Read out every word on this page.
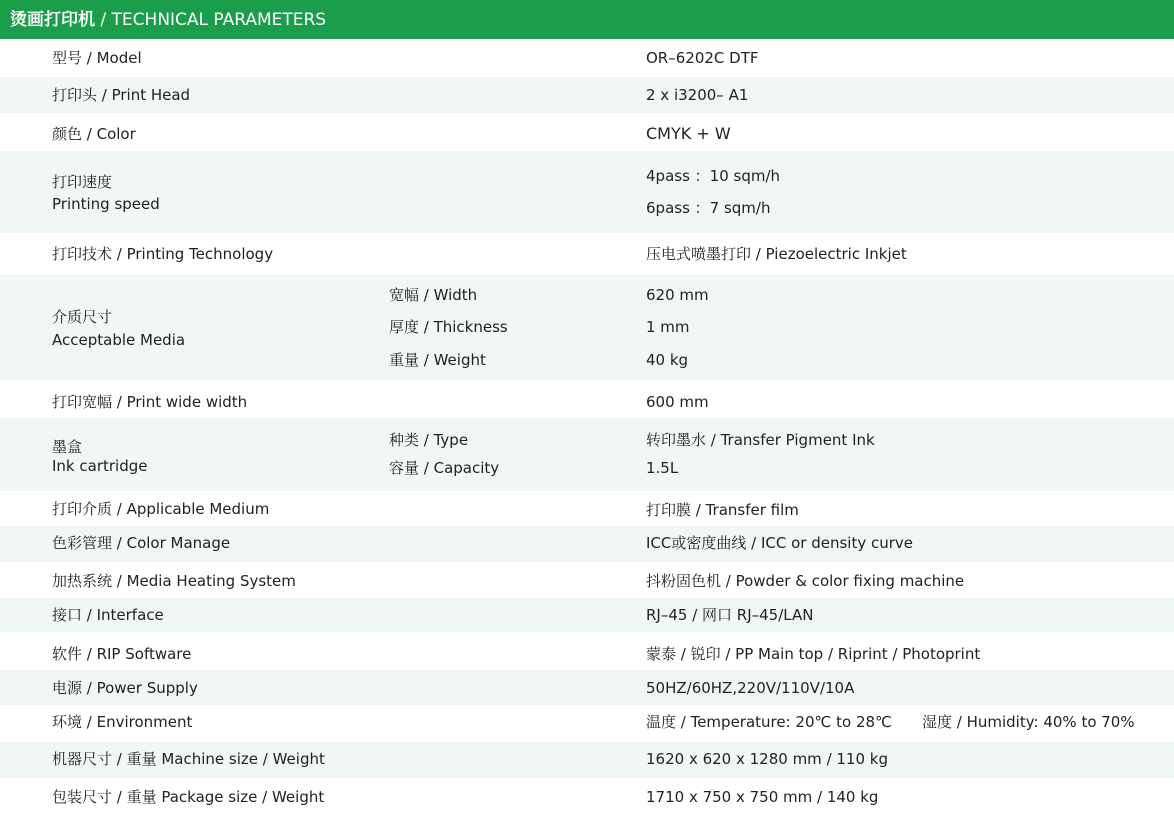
烫画打印机 / TECHNICAL PARAMETERS
型号 / Model	OR–6202C DTF
打印头 / Print Head	2 x i3200– A1
颜色 / Color	CMYK + W
打印速度
Printing speed
4pass ：10 sqm/h
6pass ：7 sqm/h
打印技术 / Printing Technology	压电式喷墨打印 / Piezoelectric Inkjet
介质尺寸
Acceptable Media
宽幅 / Width	620 mm
厚度 / Thickness	1 mm
重量 / Weight	40 kg
打印宽幅 / Print wide width	600 mm
墨盒
Ink cartridge
种类 / Type	转印墨水 / Transfer Pigment Ink
容量 / Capacity	1.5L
打印介质 / Applicable Medium	打印膜 / Transfer film
色彩管理 / Color Manage	ICC或密度曲线 / ICC or density curve
加热系统 / Media Heating System	抖粉固色机 / Powder & color fixing machine
接口 / Interface	RJ–45 / 网口 RJ–45/LAN
软件 / RIP Software	蒙泰 / 锐印 / PP Main top / Riprint / Photoprint
电源 / Power Supply	50HZ/60HZ,220V/110V/10A
环境 / Environment	温度 / Temperature: 20℃ to 28℃ 湿度 / Humidity: 40% to 70%
机器尺寸 / 重量 Machine size / Weight	1620 x 620 x 1280 mm / 110 kg
包装尺寸 / 重量 Package size / Weight	1710 x 750 x 750 mm / 140 kg
